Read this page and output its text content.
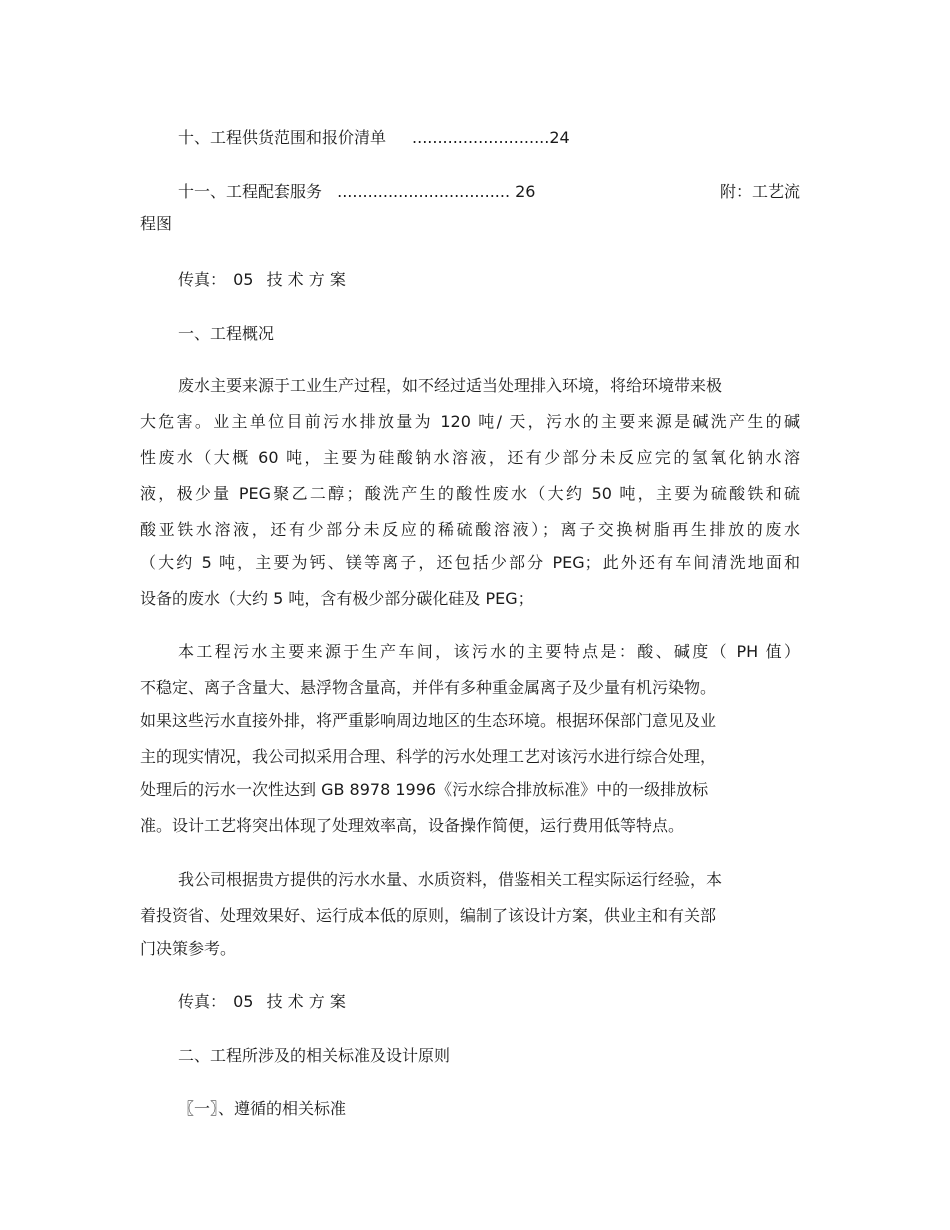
十、工程供货范围和报价清单 ........................... 24
十一、工程配套服务 .................................. 26	附：工艺流
程图
传真： 05 技 术 方 案
一、工程概况
废水主要来源于工业生产过程，如不经过适当处理排入环境，将给环境带来极
大危害。业主单位目前污水排放量为 120 吨/ 天，污水的主要来源是碱洗产生的碱
性废水（大概 60 吨，主要为硅酸钠水溶液，还有少部分未反应完的氢氧化钠水溶
液，极少量 PEG聚乙二醇；酸洗产生的酸性废水（大约 50 吨，主要为硫酸铁和硫
酸亚铁水溶液，还有少部分未反应的稀硫酸溶液）；离子交换树脂再生排放的废水
（大约 5 吨，主要为钙、镁等离子，还包括少部分 PEG；此外还有车间清洗地面和
设备的废水（大约 5 吨，含有极少部分碳化硅及 PEG；
本工程污水主要来源于生产车间，该污水的主要特点是：酸、碱度（ PH 值）
不稳定、离子含量大、悬浮物含量高，并伴有多种重金属离子及少量有机污染物。
如果这些污水直接外排，将严重影响周边地区的生态环境。根据环保部门意见及业
主的现实情况，我公司拟采用合理、科学的污水处理工艺对该污水进行综合处理，
处理后的污水一次性达到 GB 8978 1996《污水综合排放标准》中的一级排放标
准。设计工艺将突出体现了处理效率高，设备操作简便，运行费用低等特点。
我公司根据贵方提供的污水水量、水质资料，借鉴相关工程实际运行经验，本
着投资省、处理效果好、运行成本低的原则，编制了该设计方案，供业主和有关部
门决策参考。
传真： 05 技 术 方 案
二、工程所涉及的相关标准及设计原则
〖一〗、遵循的相关标准
